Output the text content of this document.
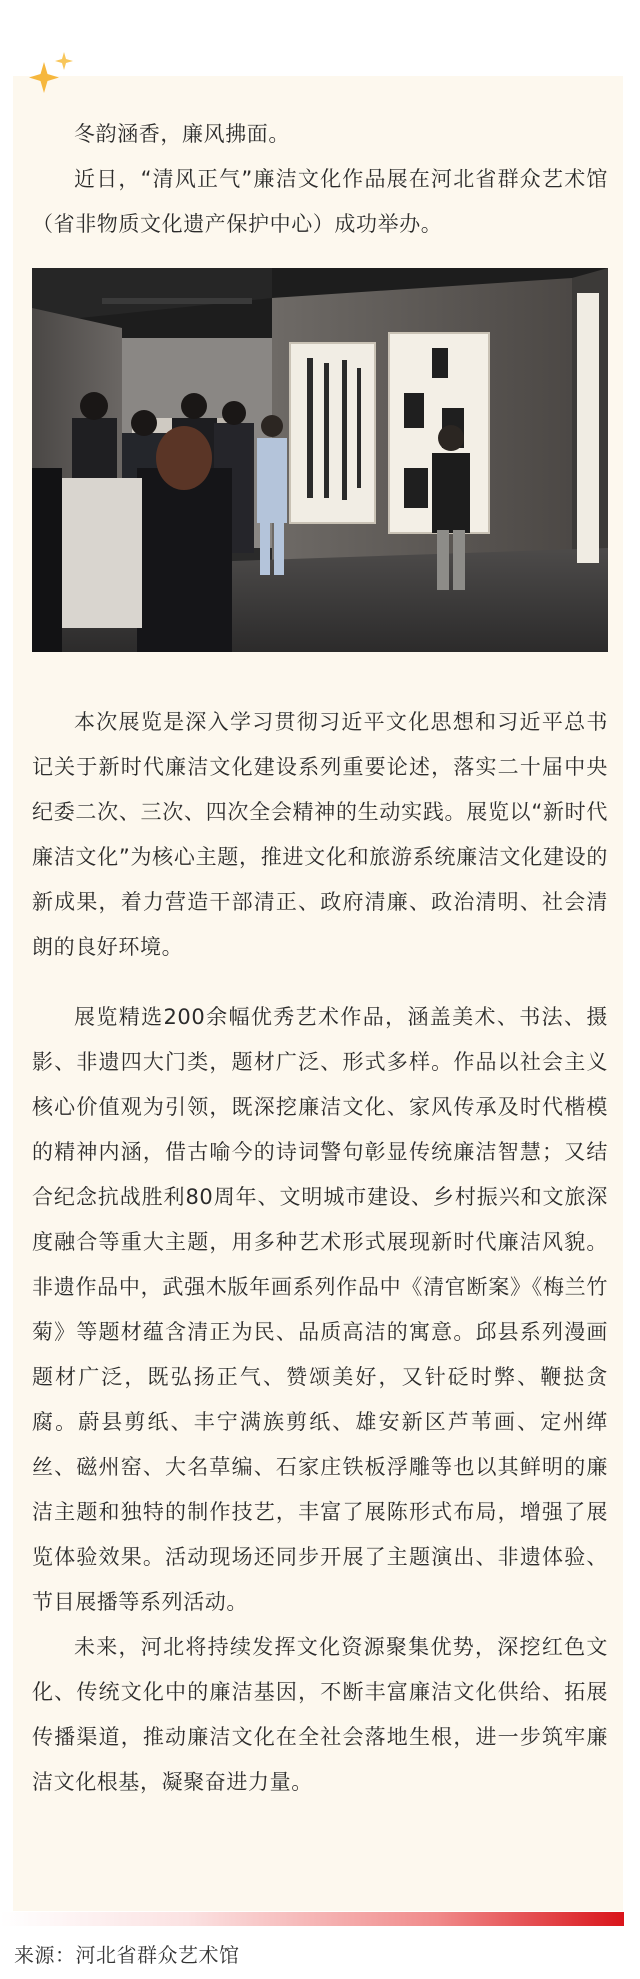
冬韵涵香，廉风拂面。

近日，“清风正气”廉洁文化作品展在河北省群众艺术馆（省非物质文化遗产保护中心）成功举办。

本次展览是深入学习贯彻习近平文化思想和习近平总书记关于新时代廉洁文化建设系列重要论述，落实二十届中央纪委二次、三次、四次全会精神的生动实践。展览以“新时代廉洁文化”为核心主题，推进文化和旅游系统廉洁文化建设的新成果，着力营造干部清正、政府清廉、政治清明、社会清朗的良好环境。

展览精选200余幅优秀艺术作品，涵盖美术、书法、摄影、非遗四大门类，题材广泛、形式多样。作品以社会主义核心价值观为引领，既深挖廉洁文化、家风传承及时代楷模的精神内涵，借古喻今的诗词警句彰显传统廉洁智慧；又结合纪念抗战胜利80周年、文明城市建设、乡村振兴和文旅深度融合等重大主题，用多种艺术形式展现新时代廉洁风貌。非遗作品中，武强木版年画系列作品中《清官断案》《梅兰竹菊》等题材蕴含清正为民、品质高洁的寓意。邱县系列漫画题材广泛，既弘扬正气、赞颂美好，又针砭时弊、鞭挞贪腐。蔚县剪纸、丰宁满族剪纸、雄安新区芦苇画、定州缂丝、磁州窑、大名草编、石家庄铁板浮雕等也以其鲜明的廉洁主题和独特的制作技艺，丰富了展陈形式布局，增强了展览体验效果。活动现场还同步开展了主题演出、非遗体验、节目展播等系列活动。

未来，河北将持续发挥文化资源聚集优势，深挖红色文化、传统文化中的廉洁基因，不断丰富廉洁文化供给、拓展传播渠道，推动廉洁文化在全社会落地生根，进一步筑牢廉洁文化根基，凝聚奋进力量。

来源：河北省群众艺术馆
